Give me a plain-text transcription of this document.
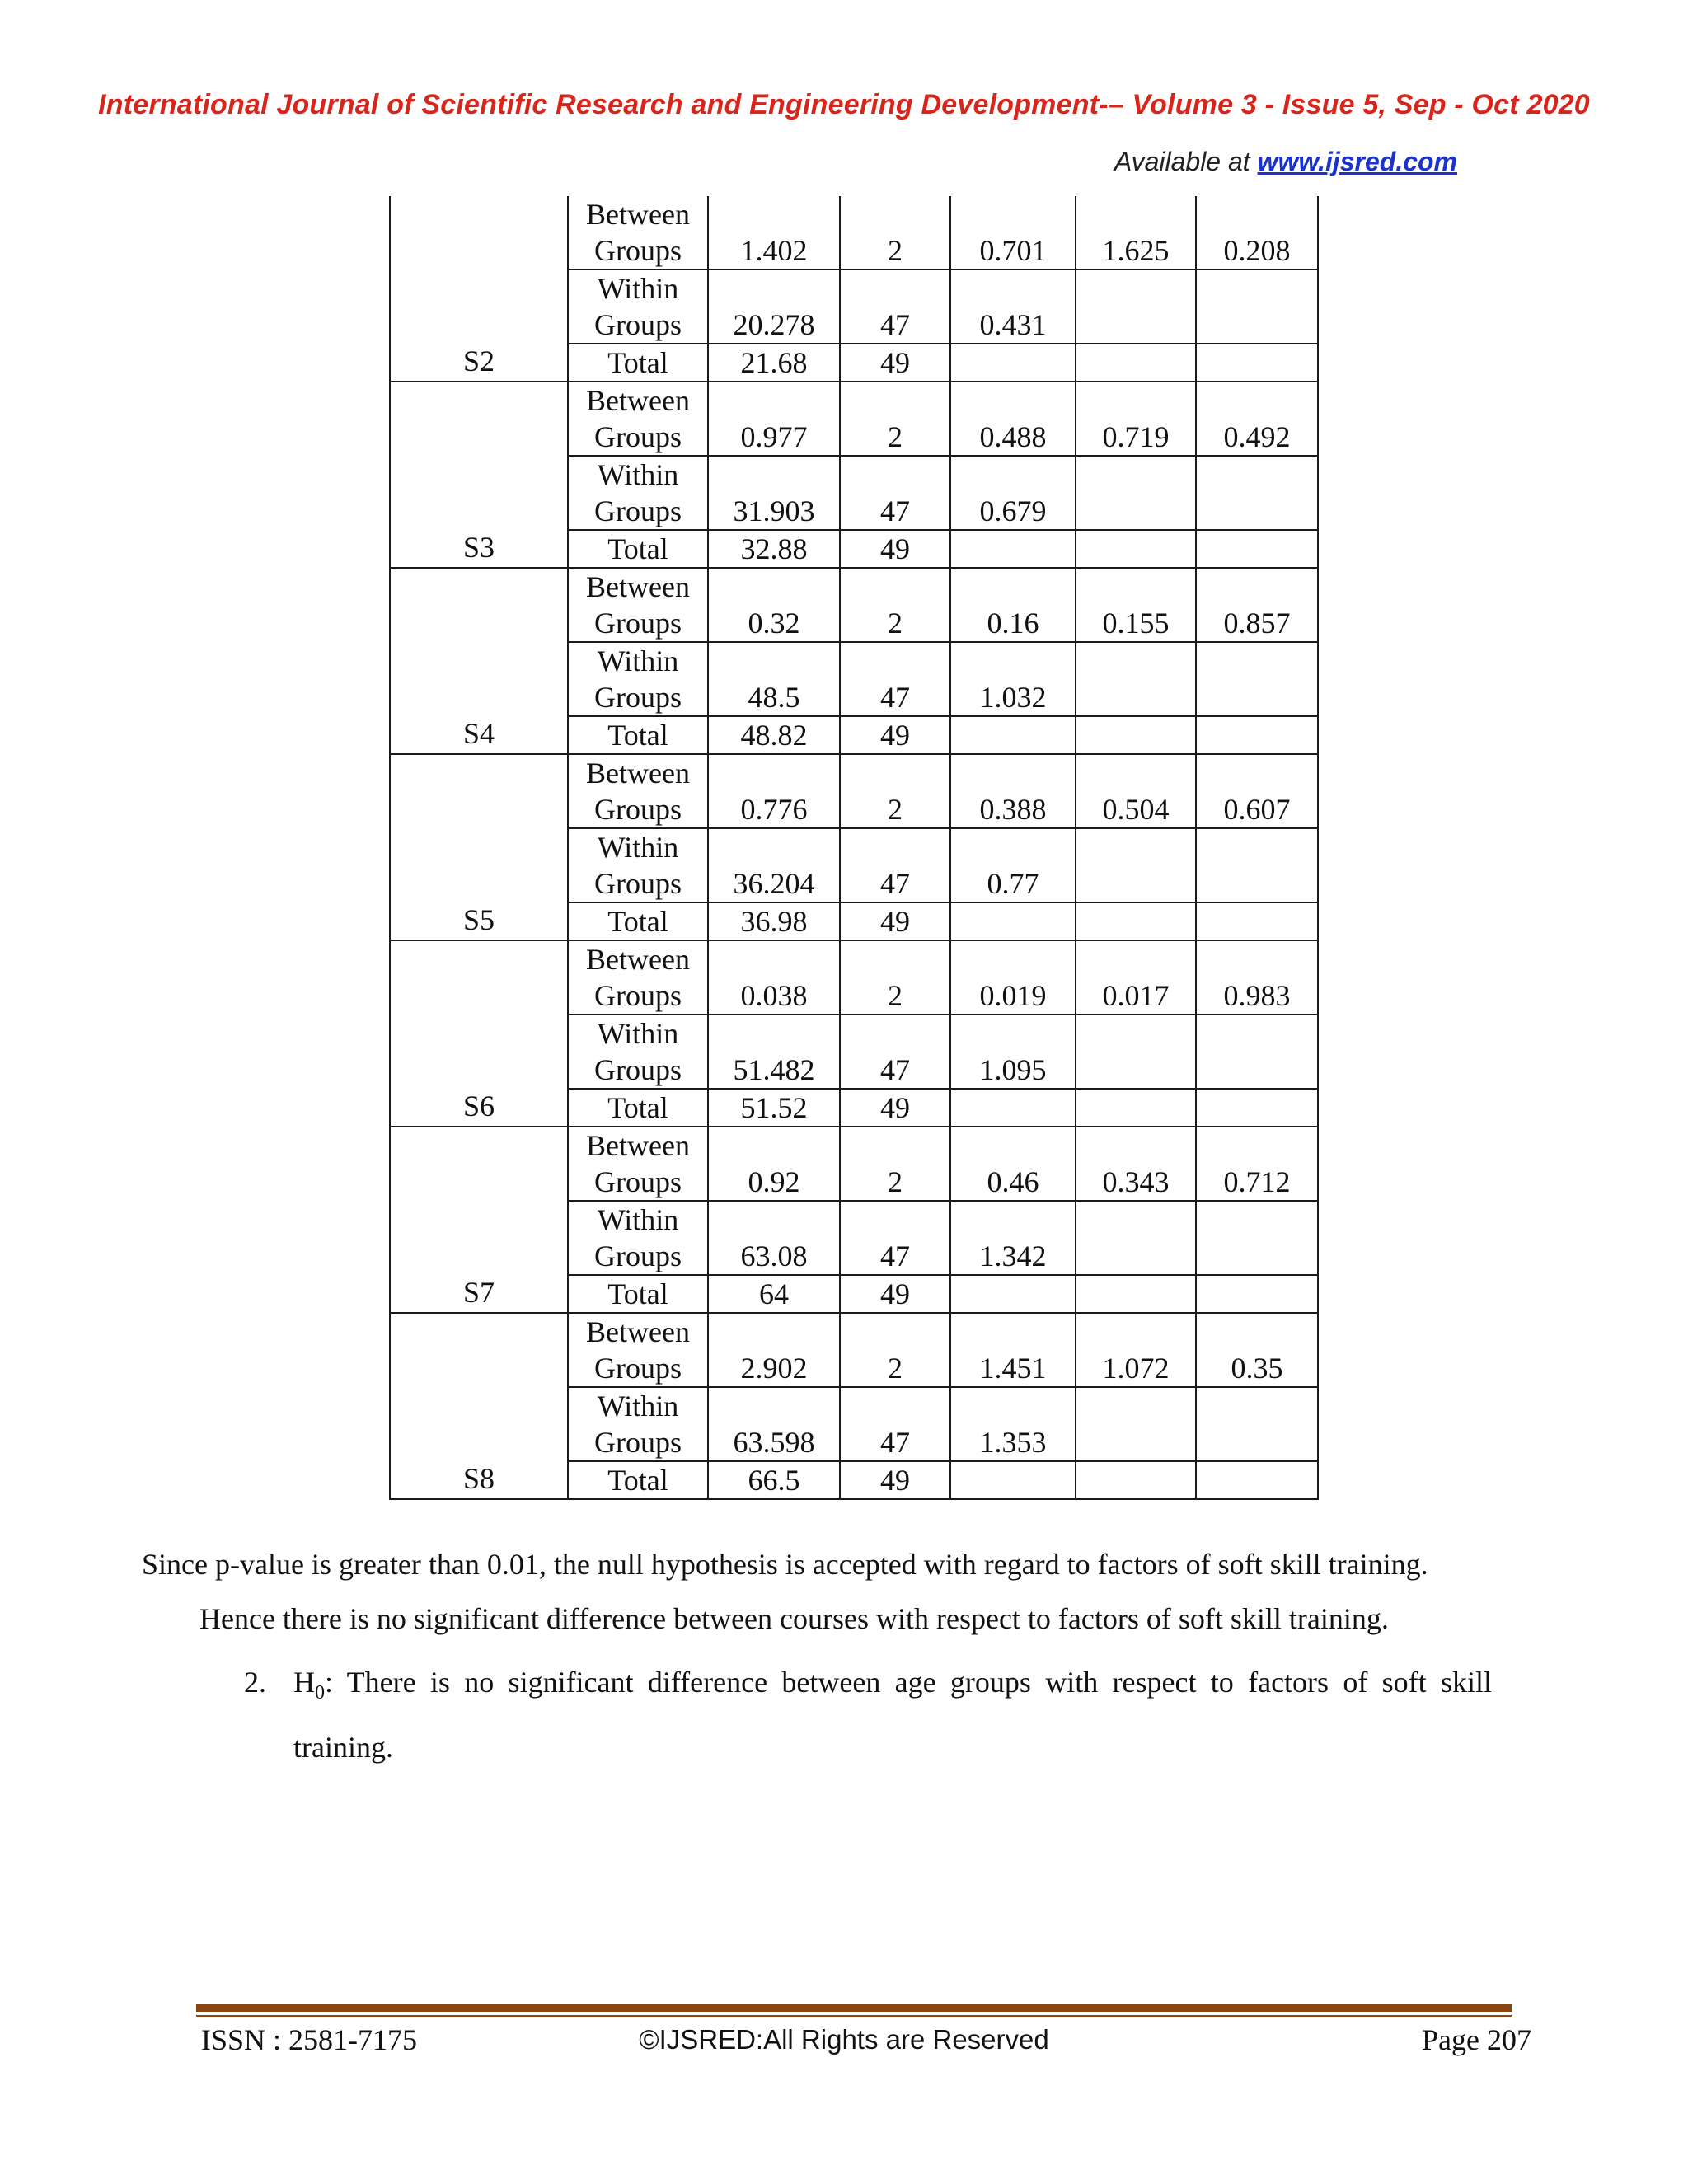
International Journal of Scientific Research and Engineering Development-– Volume 3 - Issue 5, Sep - Oct 2020
Available at www.ijsred.com
S2	Between Groups	1.402	2	0.701	1.625	0.208
	Within Groups	20.278	47	0.431		
	Total	21.68	49			
S3	Between Groups	0.977	2	0.488	0.719	0.492
	Within Groups	31.903	47	0.679		
	Total	32.88	49			
S4	Between Groups	0.32	2	0.16	0.155	0.857
	Within Groups	48.5	47	1.032		
	Total	48.82	49			
S5	Between Groups	0.776	2	0.388	0.504	0.607
	Within Groups	36.204	47	0.77		
	Total	36.98	49			
S6	Between Groups	0.038	2	0.019	0.017	0.983
	Within Groups	51.482	47	1.095		
	Total	51.52	49			
S7	Between Groups	0.92	2	0.46	0.343	0.712
	Within Groups	63.08	47	1.342		
	Total	64	49			
S8	Between Groups	2.902	2	1.451	1.072	0.35
	Within Groups	63.598	47	1.353		
	Total	66.5	49			
Since p-value is greater than 0.01, the null hypothesis is accepted with regard to factors of soft skill training.
Hence there is no significant difference between courses with respect to factors of soft skill training.
2. $H_0$: There is no significant difference between age groups with respect to factors of soft skill training.
ISSN : 2581-7175	©IJSRED:All Rights are Reserved	Page 207
